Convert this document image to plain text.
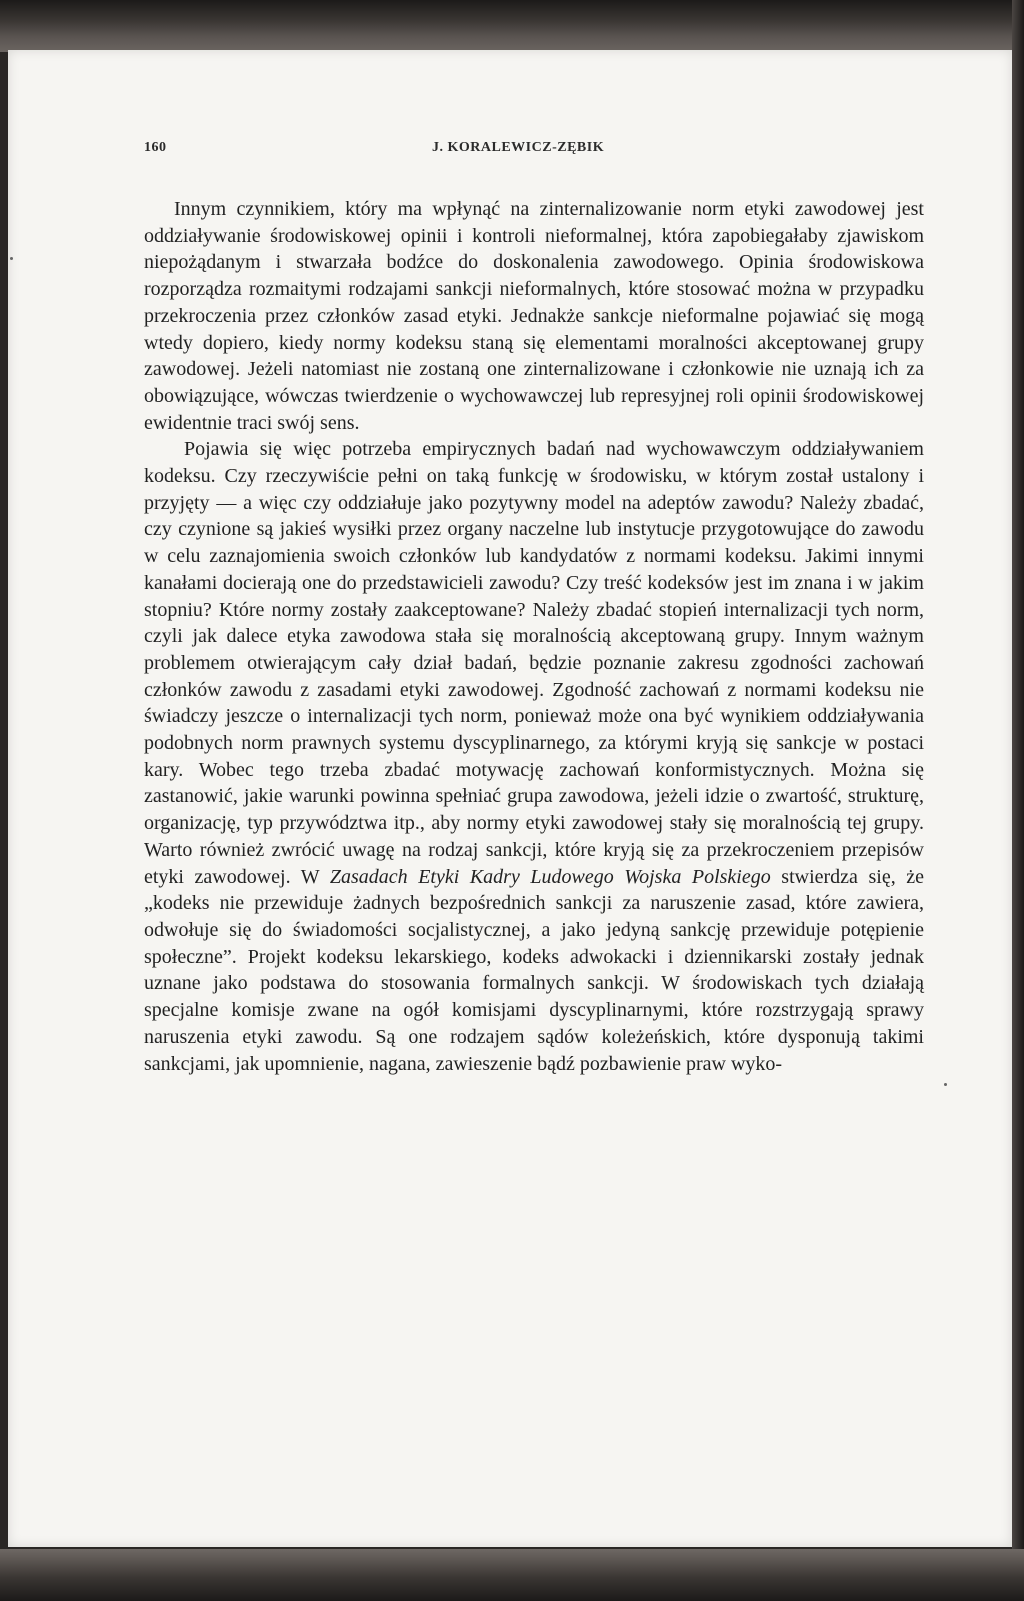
160	J. KORALEWICZ-ZĘBIK

Innym czynnikiem, który ma wpłynąć na zinternalizowanie norm etyki zawodowej jest oddziaływanie środowiskowej opinii i kontroli nieformalnej, która zapobiegałaby zjawiskom niepożądanym i stwarzała bodźce do doskonalenia zawodowego. Opinia środowiskowa rozporządza rozmaitymi rodzajami sankcji nieformalnych, które stosować można w przypadku przekroczenia przez członków zasad etyki. Jednakże sankcje nieformalne pojawiać się mogą wtedy dopiero, kiedy normy kodeksu staną się elementami moralności akceptowanej grupy zawodowej. Jeżeli natomiast nie zostaną one zinternalizowane i członkowie nie uznają ich za obowiązujące, wówczas twierdzenie o wychowawczej lub represyjnej roli opinii środowiskowej ewidentnie traci swój sens.

Pojawia się więc potrzeba empirycznych badań nad wychowawczym oddziaływaniem kodeksu. Czy rzeczywiście pełni on taką funkcję w środowisku, w którym został ustalony i przyjęty — a więc czy oddziałuje jako pozytywny model na adeptów zawodu? Należy zbadać, czy czynione są jakieś wysiłki przez organy naczelne lub instytucje przygotowujące do zawodu w celu zaznajomienia swoich członków lub kandydatów z normami kodeksu. Jakimi innymi kanałami docierają one do przedstawicieli zawodu? Czy treść kodeksów jest im znana i w jakim stopniu? Które normy zostały zaakceptowane? Należy zbadać stopień internalizacji tych norm, czyli jak dalece etyka zawodowa stała się moralnością akceptowaną grupy. Innym ważnym problemem otwierającym cały dział badań, będzie poznanie zakresu zgodności zachowań członków zawodu z zasadami etyki zawodowej. Zgodność zachowań z normami kodeksu nie świadczy jeszcze o internalizacji tych norm, ponieważ może ona być wynikiem oddziaływania podobnych norm prawnych systemu dyscyplinarnego, za którymi kryją się sankcje w postaci kary. Wobec tego trzeba zbadać motywację zachowań konformistycznych. Można się zastanowić, jakie warunki powinna spełniać grupa zawodowa, jeżeli idzie o zwartość, strukturę, organizację, typ przywództwa itp., aby normy etyki zawodowej stały się moralnością tej grupy. Warto również zwrócić uwagę na rodzaj sankcji, które kryją się za przekroczeniem przepisów etyki zawodowej. W Zasadach Etyki Kadry Ludowego Wojska Polskiego stwierdza się, że „kodeks nie przewiduje żadnych bezpośrednich sankcji za naruszenie zasad, które zawiera, odwołuje się do świadomości socjalistycznej, a jako jedyną sankcję przewiduje potępienie społeczne”. Projekt kodeksu lekarskiego, kodeks adwokacki i dziennikarski zostały jednak uznane jako podstawa do stosowania formalnych sankcji. W środowiskach tych działają specjalne komisje zwane na ogół komisjami dyscyplinarnymi, które rozstrzygają sprawy naruszenia etyki zawodu. Są one rodzajem sądów koleżeńskich, które dysponują takimi sankcjami, jak upomnienie, nagana, zawieszenie bądź pozbawienie praw wyko-
